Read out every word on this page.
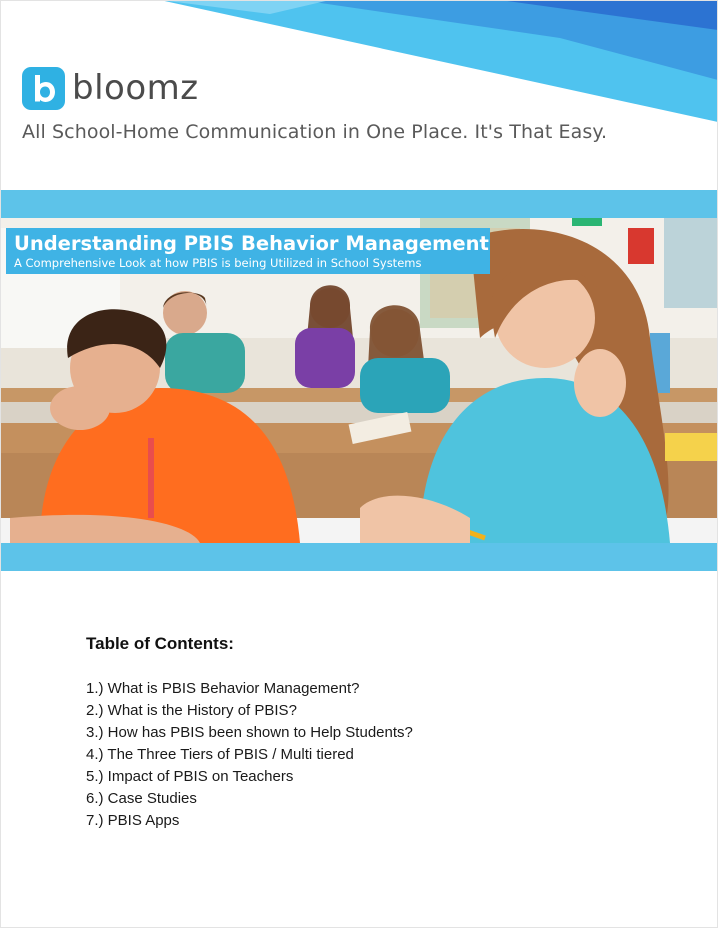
bloomz
All School-Home Communication in One Place. It's That Easy.
Understanding PBIS Behavior Management
A Comprehensive Look at how PBIS is being Utilized in School Systems
Table of Contents:
1.) What is PBIS Behavior Management?
2.) What is the History of PBIS?
3.) How has PBIS been shown to Help Students?
4.) The Three Tiers of PBIS / Multi tiered
5.) Impact of PBIS on Teachers
6.) Case Studies
7.) PBIS Apps
